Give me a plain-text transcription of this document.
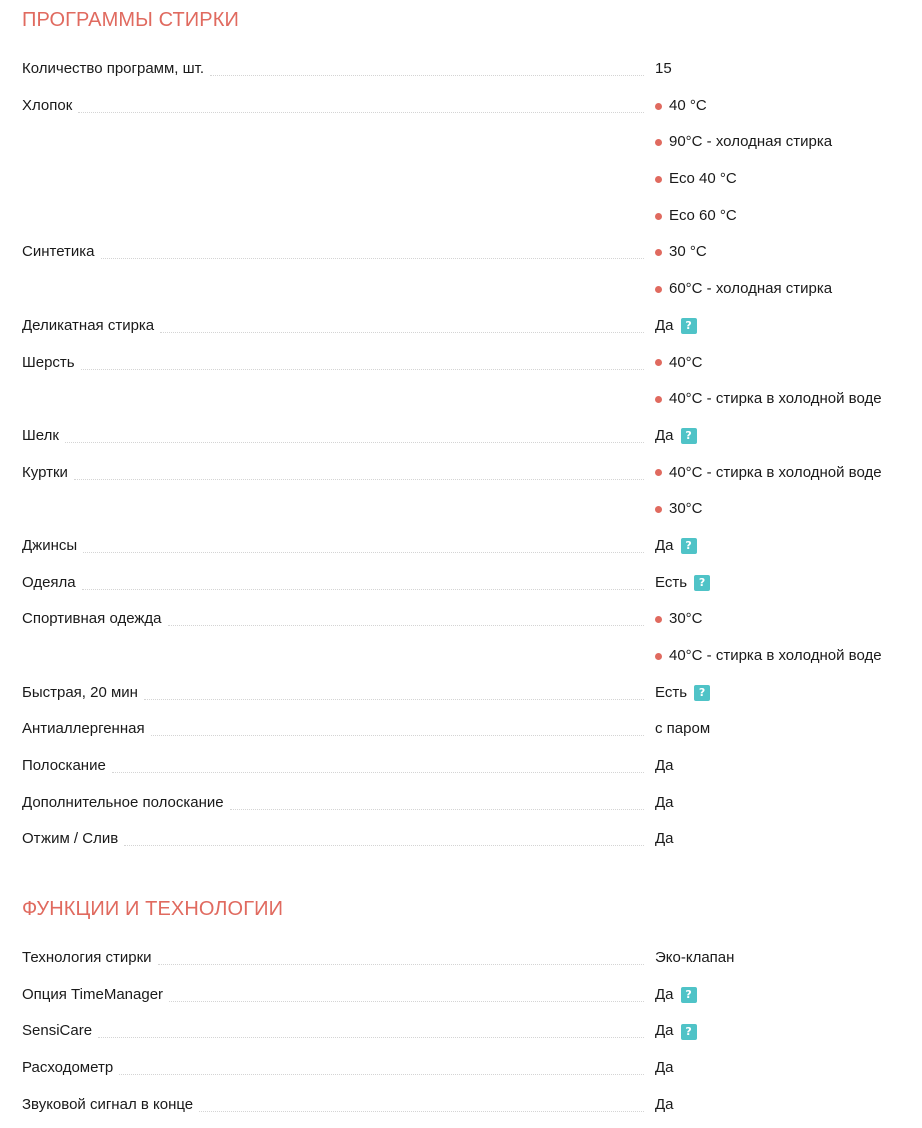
ПРОГРАММЫ СТИРКИ
Количество программ, шт.	15
Хлопок	40 °C
90°C - холодная стирка
Eco 40 °C
Eco 60 °C
Синтетика	30 °C
60°C - холодная стирка
Деликатная стирка	Да	?
Шерсть	40°C
40°C - стирка в холодной воде
Шелк	Да	?
Куртки	40°C - стирка в холодной воде
30°C
Джинсы	Да	?
Одеяла	Есть	?
Спортивная одежда	30°C
40°C - стирка в холодной воде
Быстрая, 20 мин	Есть	?
Антиаллергенная	с паром
Полоскание	Да
Дополнительное полоскание	Да
Отжим / Слив	Да
ФУНКЦИИ И ТЕХНОЛОГИИ
Технология стирки	Эко-клапан
Опция TimeManager	Да	?
SensiCare	Да	?
Расходометр	Да
Звуковой сигнал в конце	Да
